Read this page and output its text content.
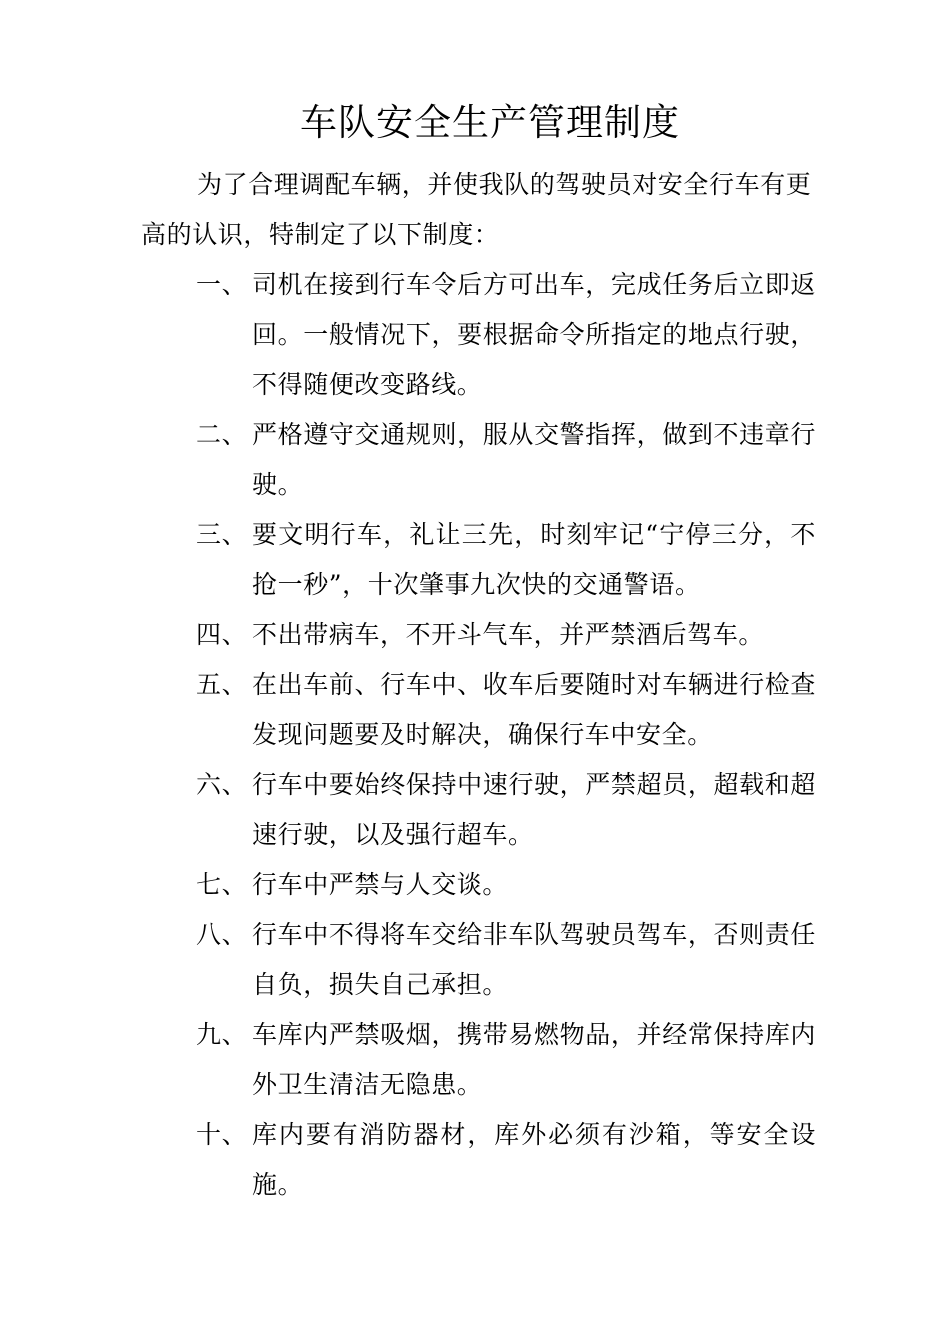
车队安全生产管理制度

为了合理调配车辆，并使我队的驾驶员对安全行车有更高的认识，特制定了以下制度：

一、 司机在接到行车令后方可出车，完成任务后立即返回。一般情况下，要根据命令所指定的地点行驶，不得随便改变路线。
二、 严格遵守交通规则，服从交警指挥，做到不违章行驶。
三、 要文明行车，礼让三先，时刻牢记“宁停三分，不抢一秒”，十次肇事九次快的交通警语。
四、 不出带病车，不开斗气车，并严禁酒后驾车。
五、 在出车前、行车中、收车后要随时对车辆进行检查发现问题要及时解决，确保行车中安全。
六、 行车中要始终保持中速行驶，严禁超员，超载和超速行驶，以及强行超车。
七、 行车中严禁与人交谈。
八、 行车中不得将车交给非车队驾驶员驾车，否则责任自负，损失自己承担。
九、 车库内严禁吸烟，携带易燃物品，并经常保持库内外卫生清洁无隐患。
十、 库内要有消防器材，库外必须有沙箱，等安全设施。
